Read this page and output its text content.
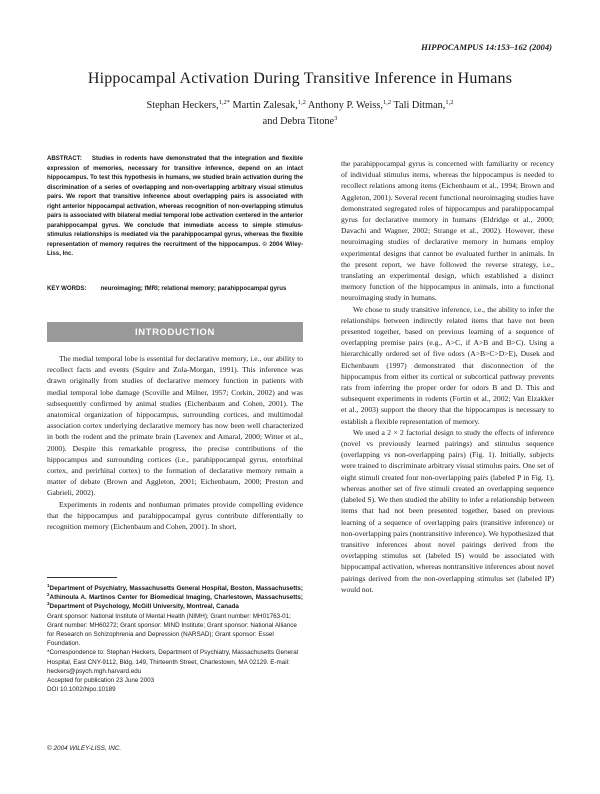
HIPPOCAMPUS 14:153–162 (2004)
Hippocampal Activation During Transitive Inference in Humans
Stephan Heckers,$^{1,2*}$ Martin Zalesak,$^{1,2}$ Anthony P. Weiss,$^{1,2}$ Tali Ditman,$^{1,2}$
and Debra Titone$^3$
ABSTRACT: Studies in rodents have demonstrated that the integration and flexible expression of memories, necessary for transitive inference, depend on an intact hippocampus. To test this hypothesis in humans, we studied brain activation during the discrimination of a series of overlapping and non-overlapping arbitrary visual stimulus pairs. We report that transitive inference about overlapping pairs is associated with right anterior hippocampal activation, whereas recognition of non-overlapping stimulus pairs is associated with bilateral medial temporal lobe activation centered in the anterior parahippocampal gyrus. We conclude that immediate access to simple stimulus-stimulus relationships is mediated via the parahippocampal gyrus, whereas the flexible representation of memory requires the recruitment of the hippocampus. © 2004 Wiley-Liss, Inc.
KEY WORDS: neuroimaging; fMRI; relational memory; parahippocampal gyrus
INTRODUCTION

The medial temporal lobe is essential for declarative memory, i.e., our ability to recollect facts and events (Squire and Zola-Morgan, 1991). This inference was drawn originally from studies of declarative memory function in patients with medial temporal lobe damage (Scoville and Milner, 1957; Corkin, 2002) and was subsequently confirmed by animal studies (Eichenbaum and Cohen, 2001). The anatomical organization of hippocampus, surrounding cortices, and multimodal association cortex underlying declarative memory has now been well characterized in both the rodent and the primate brain (Lavenex and Amaral, 2000; Witter et al., 2000). Despite this remarkable progress, the precise contributions of the hippocampus and surrounding cortices (i.e., parahippocampal gyrus, entorhinal cortex, and perirhinal cortex) to the formation of declarative memory remain a matter of debate (Brown and Aggleton, 2001; Eichenbaum, 2000; Preston and Gabrieli, 2002).

Experiments in rodents and nonhuman primates provide compelling evidence that the hippocampus and parahippocampal gyrus contribute differentially to recognition memory (Eichenbaum and Cohen, 2001). In short,

$^1$Department of Psychiatry, Massachusetts General Hospital, Boston, Massachusetts; $^2$Athinoula A. Martinos Center for Biomedical Imaging, Charlestown, Massachusetts; $^3$Department of Psychology, McGill University, Montreal, Canada
Grant sponsor: National Institute of Mental Health (NIMH); Grant number: MH01763-01; Grant number: MH60272; Grant sponsor: MIND Institute; Grant sponsor: National Alliance for Research on Schizophrenia and Depression (NARSAD); Grant sponsor: Essel Foundation.
*Correspondence to: Stephan Heckers, Department of Psychiatry, Massachusetts General Hospital, East CNY-9112, Bldg. 149, Thirteenth Street, Charlestown, MA 02129. E-mail: heckers@psych.mgh.harvard.edu
Accepted for publication 23 June 2003
DOI 10.1002/hipo.10189
© 2004 WILEY-LISS, INC.

the parahippocampal gyrus is concerned with familiarity or recency of individual stimulus items, whereas the hippocampus is needed to recollect relations among items (Eichenbaum et al., 1994; Brown and Aggleton, 2001). Several recent functional neuroimaging studies have demonstrated segregated roles of hippocampus and parahippocampal gyrus for declarative memory in humans (Eldridge et al., 2000; Davachi and Wagner, 2002; Strange et al., 2002). However, these neuroimaging studies of declarative memory in humans employ experimental designs that cannot be evaluated further in animals. In the present report, we have followed the reverse strategy, i.e., translating an experimental design, which established a distinct memory function of the hippocampus in animals, into a functional neuroimaging study in humans.

We chose to study transitive inference, i.e., the ability to infer the relationships between indirectly related items that have not been presented together, based on previous learning of a sequence of overlapping premise pairs (e.g., A>C, if A>B and B>C). Using a hierarchically ordered set of five odors (A>B>C>D>E), Dusek and Eichenbaum (1997) demonstrated that disconnection of the hippocampus from either its cortical or subcortical pathway prevents rats from inferring the proper order for odors B and D. This and subsequent experiments in rodents (Fortin et al., 2002; Van Elzakker et al., 2003) support the theory that the hippocampus is necessary to establish a flexible representation of memory.

We used a 2 × 2 factorial design to study the effects of inference (novel vs previously learned pairings) and stimulus sequence (overlapping vs non-overlapping pairs) (Fig. 1). Initially, subjects were trained to discriminate arbitrary visual stimulus pairs. One set of eight stimuli created four non-overlapping pairs (labeled P in Fig. 1), whereas another set of five stimuli created an overlapping sequence (labeled S). We then studied the ability to infer a relationship between items that had not been presented together, based on previous learning of a sequence of overlapping pairs (transitive inference) or non-overlapping pairs (nontransitive inference). We hypothesized that transitive inferences about novel pairings derived from the overlapping stimulus set (labeled IS) would be associated with hippocampal activation, whereas nontransitive inferences about novel pairings derived from the non-overlapping stimulus set (labeled IP) would not.
